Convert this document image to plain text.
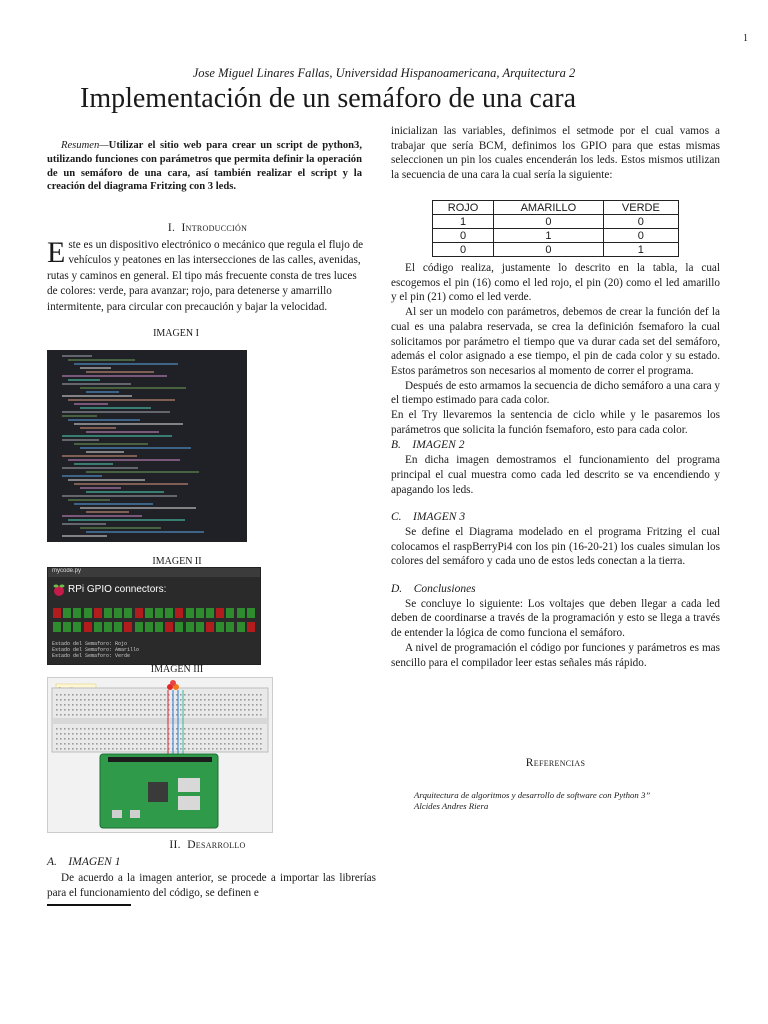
1
Jose Miguel Linares Fallas, Universidad Hispanoamericana, Arquitectura 2
Implementación de un semáforo de una cara
Resumen—Utilizar el sitio web para crear un script de python3, utilizando funciones con parámetros que permita definir la operación de un semáforo de una cara, así también realizar el script y la creación del diagrama Fritzing con 3 leds.
I. Introducción
Este es un dispositivo electrónico o mecánico que regula el flujo de vehículos y peatones en las intersecciones de las calles, avenidas, rutas y caminos en general. El tipo más frecuente consta de tres luces de colores: verde, para avanzar; rojo, para detenerse y amarrillo intermitente, para circular con precaución y bajar la velocidad.
IMAGEN I
IMAGEN II
mycode.py
RPi GPIO connectors:
Estado del Semaforo: Rojo
Estado del Semaforo: Amarillo
Estado del Semaforo: Verde
IMAGEN III
II. Desarrollo
A. IMAGEN 1
De acuerdo a la imagen anterior, se procede a importar las librerías para el funcionamiento del código, se definen e

inicializan las variables, definimos el setmode por el cual vamos a trabajar que sería BCM, definimos los GPIO para que estas mismas seleccionen un pin los cuales encenderán los leds. Estos mismos utilizan la secuencia de una cara la cual sería la siguiente:

ROJO	AMARILLO	VERDE
1	0	0
0	1	0
0	0	1

El código realiza, justamente lo descrito en la tabla, la cual escogemos el pin (16) como el led rojo, el pin (20) como el led amarillo y el pin (21) como el led verde.

Al ser un modelo con parámetros, debemos de crear la función def la cual es una palabra reservada, se crea la definición fsemaforo la cual solicitamos por parámetro el tiempo que va durar cada set del semáforo, además el color asignado a ese tiempo, el pin de cada color y su estado. Estos parámetros son necesarios al momento de correr el programa.

Después de esto armamos la secuencia de dicho semáforo a una cara y el tiempo estimado para cada color.

En el Try llevaremos la sentencia de ciclo while y le pasaremos los parámetros que solicita la función fsemaforo, esto para cada color.

B. IMAGEN 2

En dicha imagen demostramos el funcionamiento del programa principal el cual muestra como cada led descrito se va encendiendo y apagando los leds.

C. IMAGEN 3

Se define el Diagrama modelado en el programa Fritzing el cual colocamos el raspBerryPi4 con los pin (16-20-21) los cuales simulan los colores del semáforo y cada uno de estos leds conectan a la tierra.

D. Conclusiones

Se concluye lo siguiente: Los voltajes que deben llegar a cada led deben de coordinarse a través de la programación y esto se llega a través de entender la lógica de como funciona el semáforo.

A nivel de programación el código por funciones y parámetros es mas sencillo para el compilador leer estas señales más rápido.

Referencias
Arquitectura de algoritmos y desarrollo de software con Python 3”
Alcides Andres Riera
